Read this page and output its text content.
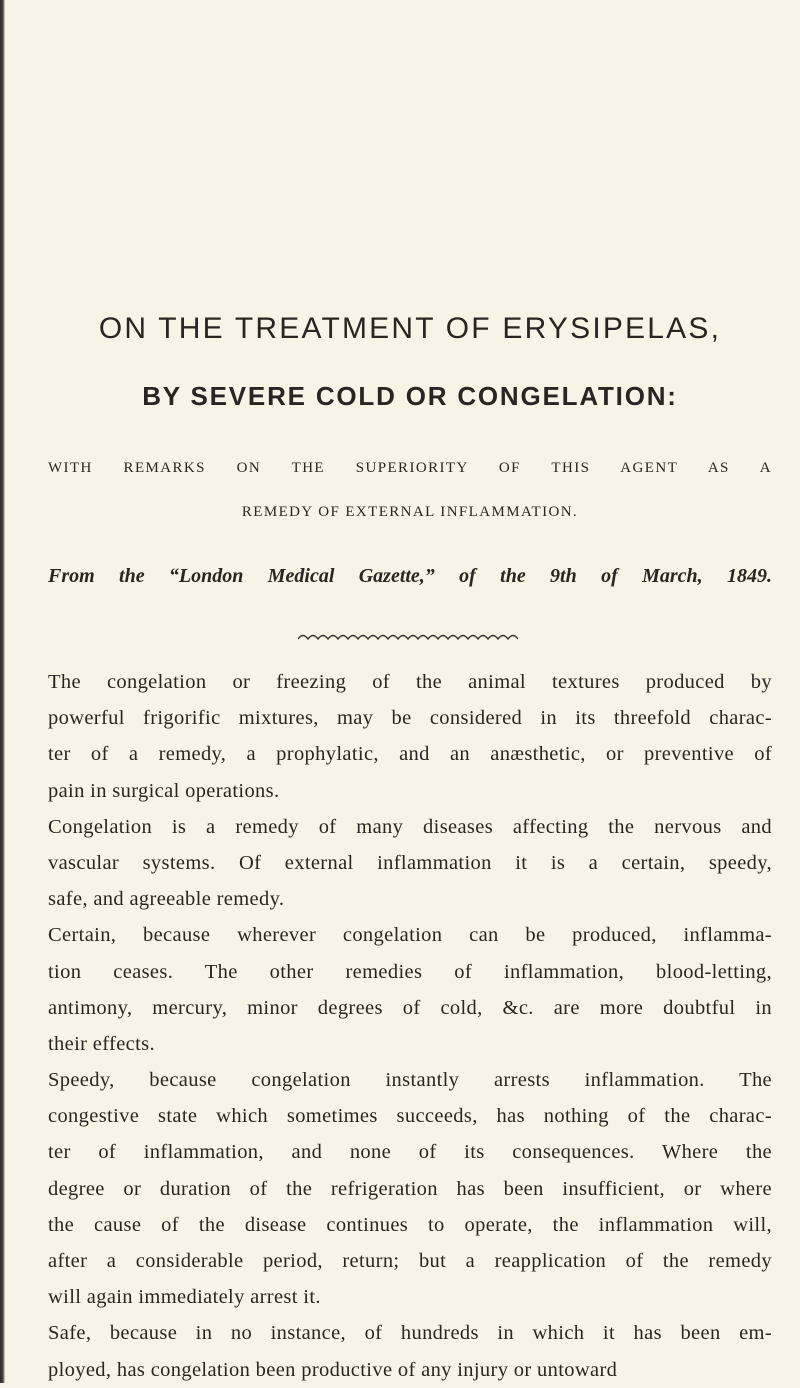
ON THE TREATMENT OF ERYSIPELAS,
BY SEVERE COLD OR CONGELATION:
WITH REMARKS ON THE SUPERIORITY OF THIS AGENT AS A
REMEDY OF EXTERNAL INFLAMMATION.
From the “London Medical Gazette,” of the 9th of March, 1849.
The congelation or freezing of the animal textures produced by
powerful frigorific mixtures, may be considered in its threefold charac-
ter of a remedy, a prophylatic, and an anæsthetic, or preventive of
pain in surgical operations.
Congelation is a remedy of many diseases affecting the nervous and
vascular systems. Of external inflammation it is a certain, speedy,
safe, and agreeable remedy.
Certain, because wherever congelation can be produced, inflamma-
tion ceases. The other remedies of inflammation, blood-letting,
antimony, mercury, minor degrees of cold, &c. are more doubtful in
their effects.
Speedy, because congelation instantly arrests inflammation. The
congestive state which sometimes succeeds, has nothing of the charac-
ter of inflammation, and none of its consequences. Where the
degree or duration of the refrigeration has been insufficient, or where
the cause of the disease continues to operate, the inflammation will,
after a considerable period, return; but a reapplication of the remedy
will again immediately arrest it.
Safe, because in no instance, of hundreds in which it has been em-
ployed, has congelation been productive of any injury or untoward
